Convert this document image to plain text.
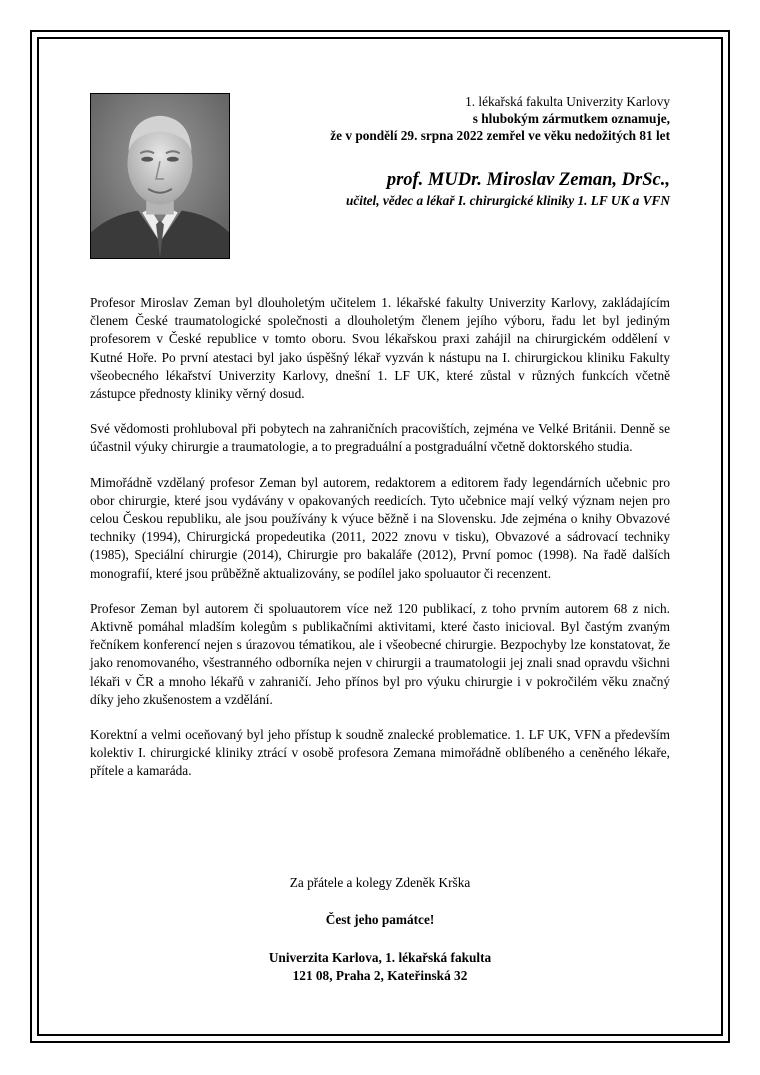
1. lékařská fakulta Univerzity Karlovy
s hlubokým zármutkem oznamuje,
že v pondělí 29. srpna 2022 zemřel ve věku nedožitých 81 let
prof. MUDr. Miroslav Zeman, DrSc.,
učitel, vědec a lékař I. chirurgické kliniky 1. LF UK a VFN

Profesor Miroslav Zeman byl dlouholetým učitelem 1. lékařské fakulty Univerzity Karlovy, zakládajícím členem České traumatologické společnosti a dlouholetým členem jejího výboru, řadu let byl jediným profesorem v České republice v tomto oboru. Svou lékařskou praxi zahájil na chirurgickém oddělení v Kutné Hoře. Po první atestaci byl jako úspěšný lékař vyzván k nástupu na I. chirurgickou kliniku Fakulty všeobecného lékařství Univerzity Karlovy, dnešní 1. LF UK, které zůstal v různých funkcích včetně zástupce přednosty kliniky věrný dosud.

Své vědomosti prohluboval při pobytech na zahraničních pracovištích, zejména ve Velké Británii. Denně se účastnil výuky chirurgie a traumatologie, a to pregraduální a postgraduální včetně doktorského studia.

Mimořádně vzdělaný profesor Zeman byl autorem, redaktorem a editorem řady legendárních učebnic pro obor chirurgie, které jsou vydávány v opakovaných reedicích. Tyto učebnice mají velký význam nejen pro celou Českou republiku, ale jsou používány k výuce běžně i na Slovensku. Jde zejména o knihy Obvazové techniky (1994), Chirurgická propedeutika (2011, 2022 znovu v tisku), Obvazové a sádrovací techniky (1985), Speciální chirurgie (2014), Chirurgie pro bakaláře (2012), První pomoc (1998). Na řadě dalších monografií, které jsou průběžně aktualizovány, se podílel jako spoluautor či recenzent.

Profesor Zeman byl autorem či spoluautorem více než 120 publikací, z toho prvním autorem 68 z nich. Aktivně pomáhal mladším kolegům s publikačními aktivitami, které často inicioval. Byl častým zvaným řečníkem konferencí nejen s úrazovou tématikou, ale i všeobecné chirurgie. Bezpochyby lze konstatovat, že jako renomovaného, všestranného odborníka nejen v chirurgii a traumatologii jej znali snad opravdu všichni lékaři v ČR a mnoho lékařů v zahraničí. Jeho přínos byl pro výuku chirurgie i v pokročilém věku značný díky jeho zkušenostem a vzdělání.

Korektní a velmi oceňovaný byl jeho přístup k soudně znalecké problematice. 1. LF UK, VFN a především kolektiv I. chirurgické kliniky ztrácí v osobě profesora Zemana mimořádně oblíbeného a ceněného lékaře, přítele a kamaráda.

Za přátele a kolegy Zdeněk Krška
Čest jeho památce!
Univerzita Karlova, 1. lékařská fakulta
121 08, Praha 2, Kateřinská 32
